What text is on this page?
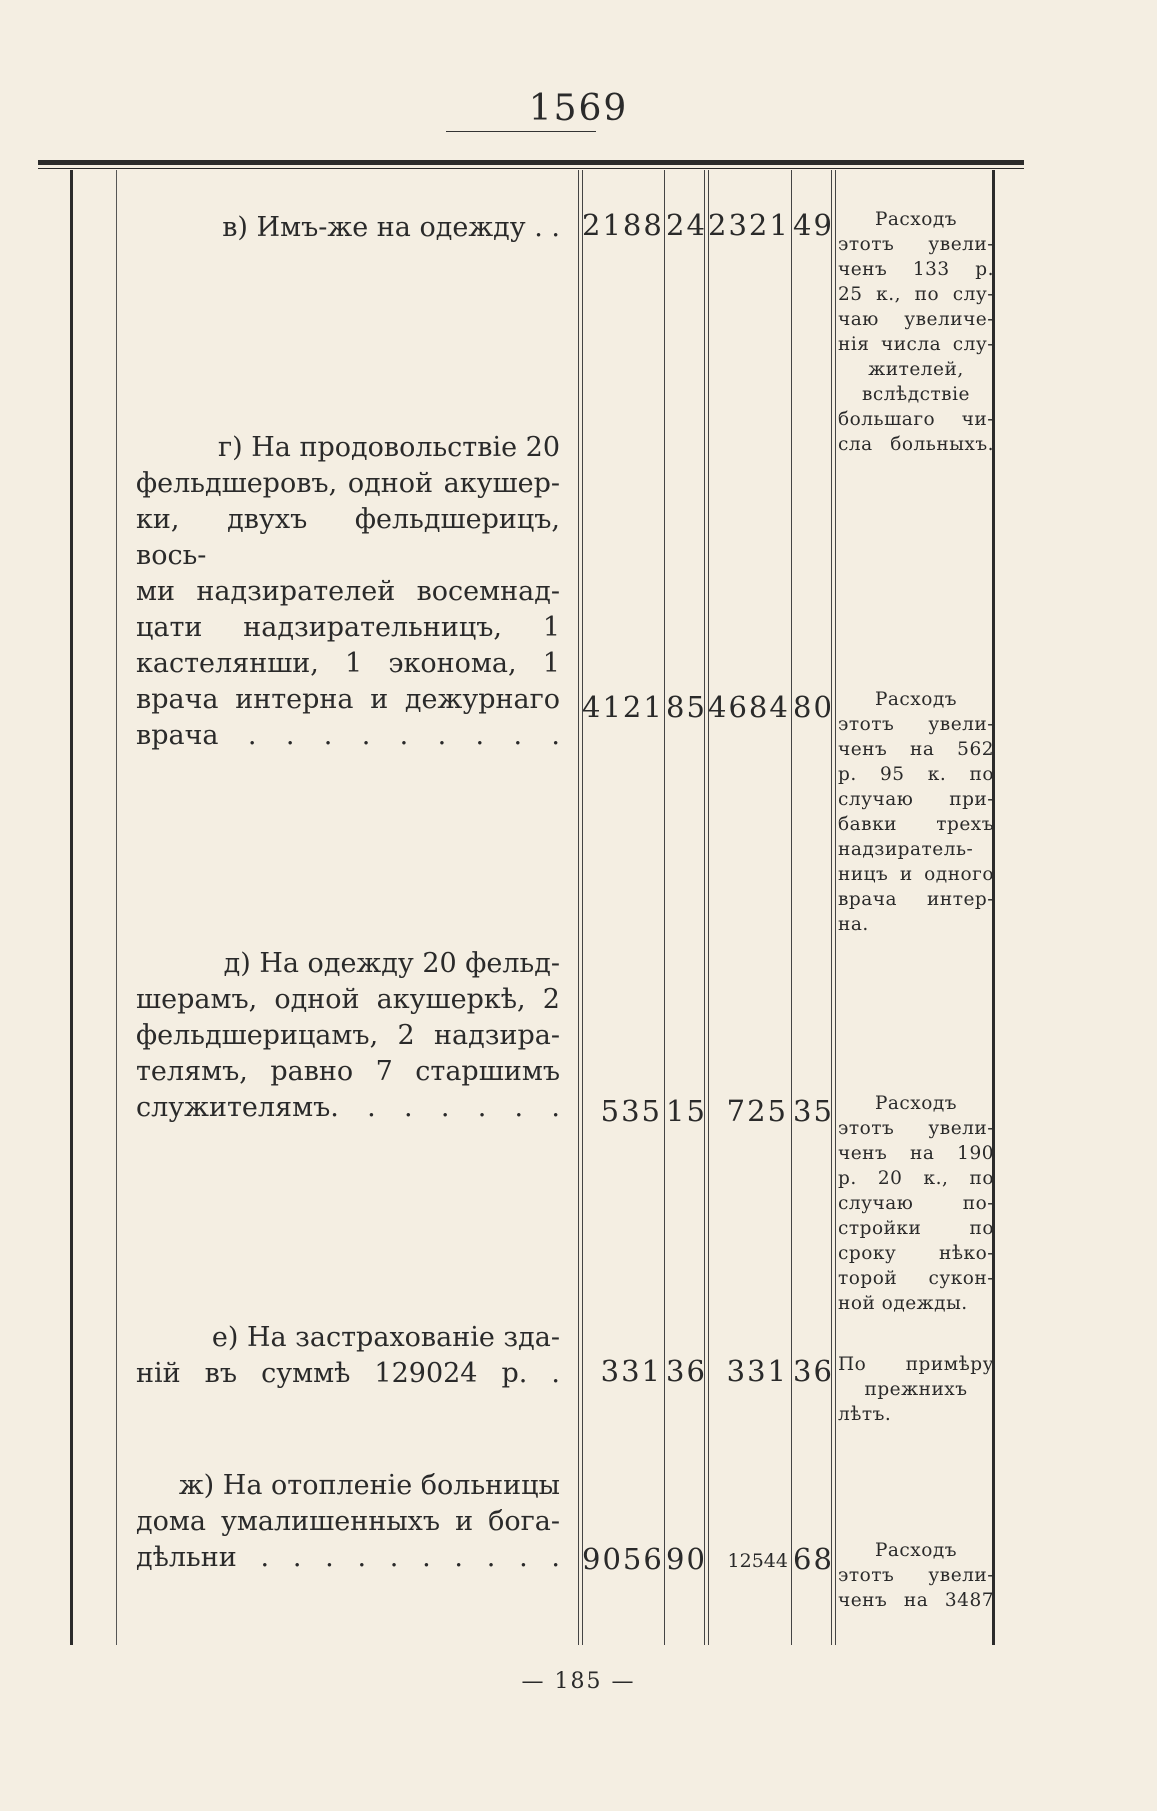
1569
в) Имъ-же на одежду . . 2188 24 2321 49	Расходъ
этотъ увели-
ченъ 133 р.
25 к., по слу-
чаю увеличе-
нія числа слу-
жителей,
вслѣдствіе
большаго чи-
сла больныхъ.
г) На продовольствіе 20
фельдшеровъ, одной акушер-
ки, двухъ фельдшерицъ, вось-
ми надзирателей восемнад-
цати надзирательницъ, 1
кастелянши, 1 эконома, 1
врача интерна и дежурнаго
врача . . . . . . . . .
4121 85 4684 80	Расходъ
этотъ увели-
ченъ на 562
р. 95 к. по
случаю при-
бавки трехъ
надзиратель-
ницъ и одного
врача интер-
на.
д) На одежду 20 фельд-
шерамъ, одной акушеркѣ, 2
фельдшерицамъ, 2 надзира-
телямъ, равно 7 старшимъ
служителямъ. . . . . . .	535 15 725 35	Расходъ
этотъ увели-
ченъ на 190
р. 20 к., по
случаю по-
стройки по
сроку нѣко-
торой сукон-
ной одежды.
е) На застрахованіе зда-
ній въ суммѣ 129024 р. .	331 36 331 36 По примѣру
прежнихъ
лѣтъ.
ж) На отопленіе больницы
дома умалишенныхъ и бога-
дѣльни . . . . . . . . . . 9056 90	12544 68	Расходъ
этотъ увели-
ченъ на 3487
— 185 —
